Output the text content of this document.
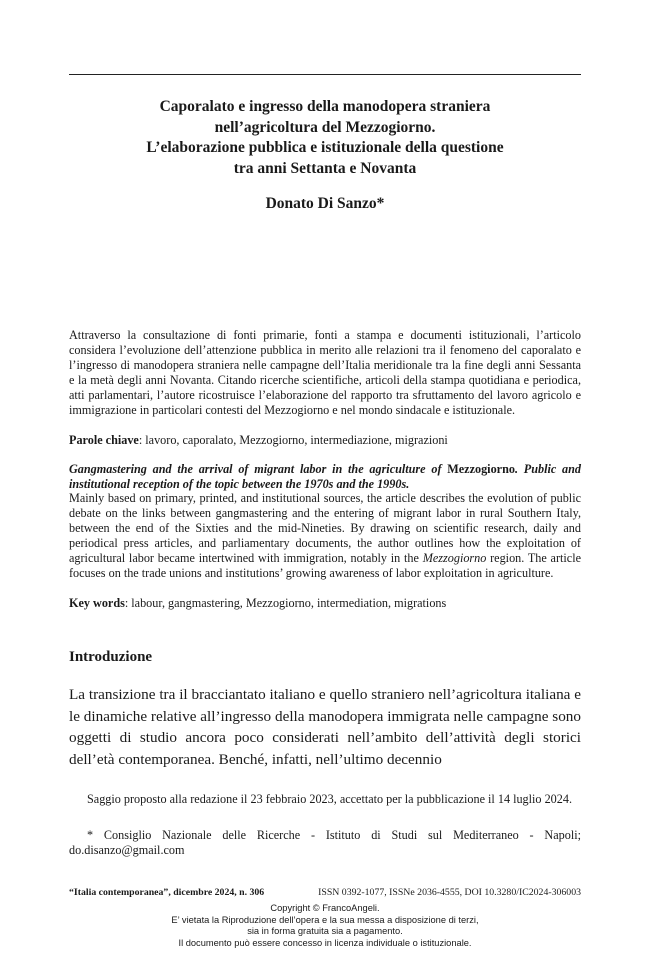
Caporalato e ingresso della manodopera straniera
nell’agricoltura del Mezzogiorno.
L’elaborazione pubblica e istituzionale della questione
tra anni Settanta e Novanta
Donato Di Sanzo*
Attraverso la consultazione di fonti primarie, fonti a stampa e documenti istituzionali, l’articolo considera l’evoluzione dell’attenzione pubblica in merito alle relazioni tra il fenomeno del caporalato e l’ingresso di manodopera straniera nelle campagne dell’Italia meridionale tra la fine degli anni Sessanta e la metà degli anni Novanta. Citando ricerche scientifiche, articoli della stampa quotidiana e periodica, atti parlamentari, l’autore ricostruisce l’elaborazione del rapporto tra sfruttamento del lavoro agricolo e immigrazione in particolari contesti del Mezzogiorno e nel mondo sindacale e istituzionale.
Parole chiave: lavoro, caporalato, Mezzogiorno, intermediazione, migrazioni
Gangmastering and the arrival of migrant labor in the agriculture of Mezzogiorno. Public and institutional reception of the topic between the 1970s and the 1990s.
Mainly based on primary, printed, and institutional sources, the article describes the evolution of public debate on the links between gangmastering and the entering of migrant labor in rural Southern Italy, between the end of the Sixties and the mid-Nineties. By drawing on scientific research, daily and periodical press articles, and parliamentary documents, the author outlines how the exploitation of agricultural labor became intertwined with immigration, notably in the Mezzogiorno region. The article focuses on the trade unions and institutions’ growing awareness of labor exploitation in agriculture.
Key words: labour, gangmastering, Mezzogiorno, intermediation, migrations
Introduzione
La transizione tra il bracciantato italiano e quello straniero nell’agricoltura italiana e le dinamiche relative all’ingresso della manodopera immigrata nelle campagne sono oggetti di studio ancora poco considerati nell’ambito dell’attività degli storici dell’età contemporanea. Benché, infatti, nell’ultimo decennio
Saggio proposto alla redazione il 23 febbraio 2023, accettato per la pubblicazione il 14 luglio 2024.
* Consiglio Nazionale delle Ricerche - Istituto di Studi sul Mediterraneo - Napoli; do.disanzo@gmail.com
“Italia contemporanea”, dicembre 2024, n. 306	ISSN 0392-1077, ISSNe 2036-4555, DOI 10.3280/IC2024-306003
Copyright © FrancoAngeli.
E’ vietata la Riproduzione dell’opera e la sua messa a disposizione di terzi,
sia in forma gratuita sia a pagamento.
Il documento può essere concesso in licenza individuale o istituzionale.
